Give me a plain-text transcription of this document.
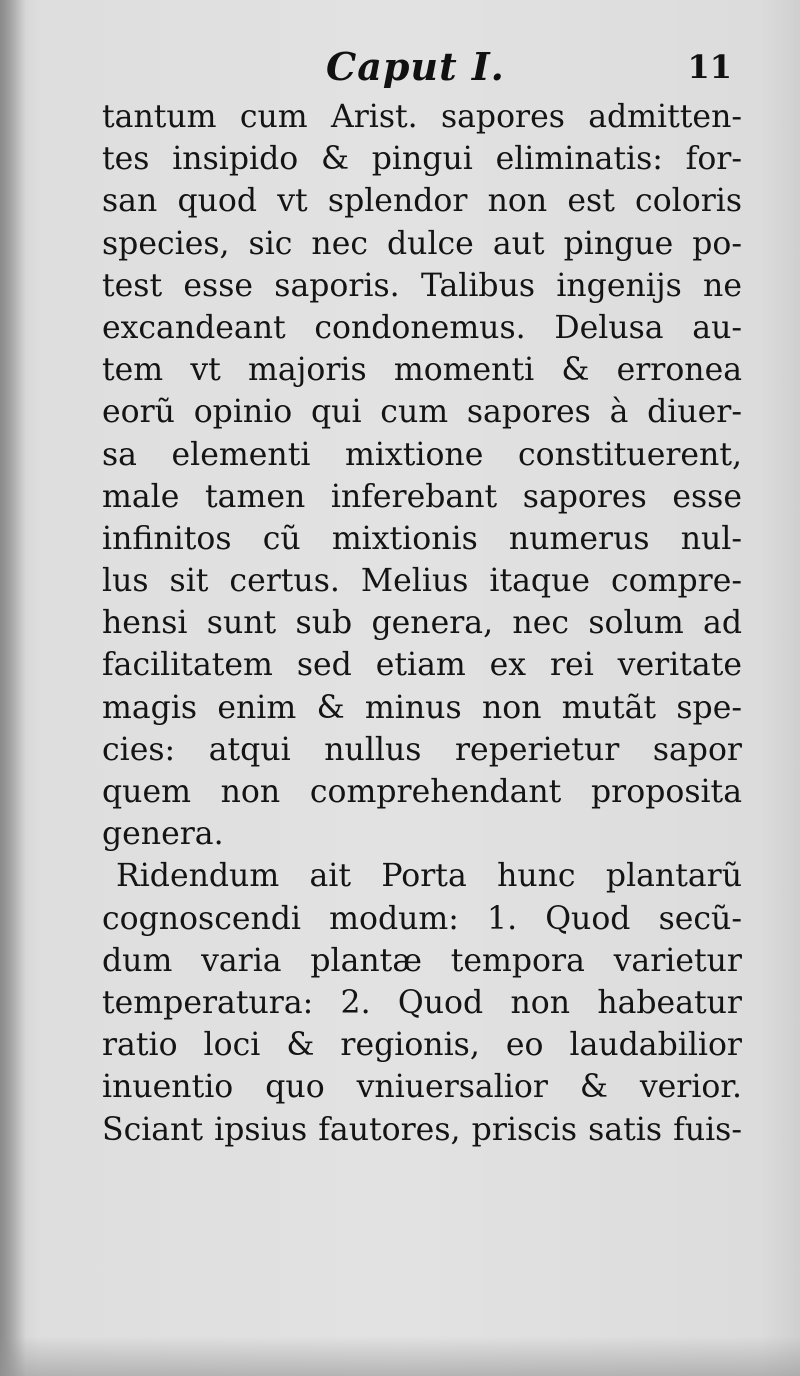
Caput I.	11
tantum cum Arist. sapores admitten-
tes insipido & pingui eliminatis: for-
san quod vt splendor non est coloris
species, sic nec dulce aut pingue po-
test esse saporis. Talibus ingenijs ne
excandeant condonemus. Delusa au-
tem vt majoris momenti & erronea
eorũ opinio qui cum sapores à diuer-
sa elementi mixtione constituerent,
male tamen inferebant sapores esse
infinitos cũ mixtionis numerus nul-
lus sit certus. Melius itaque compre-
hensi sunt sub genera, nec solum ad
facilitatem sed etiam ex rei veritate
magis enim & minus non mutãt spe-
cies: atqui nullus reperietur sapor
quem non comprehendant proposita
genera.
Ridendum ait Porta hunc plantarũ
cognoscendi modum: 1. Quod secũ-
dum varia plantæ tempora varietur
temperatura: 2. Quod non habeatur
ratio loci & regionis, eo laudabilior
inuentio quo vniuersalior & verior.
Sciant ipsius fautores, priscis satis fuis-
